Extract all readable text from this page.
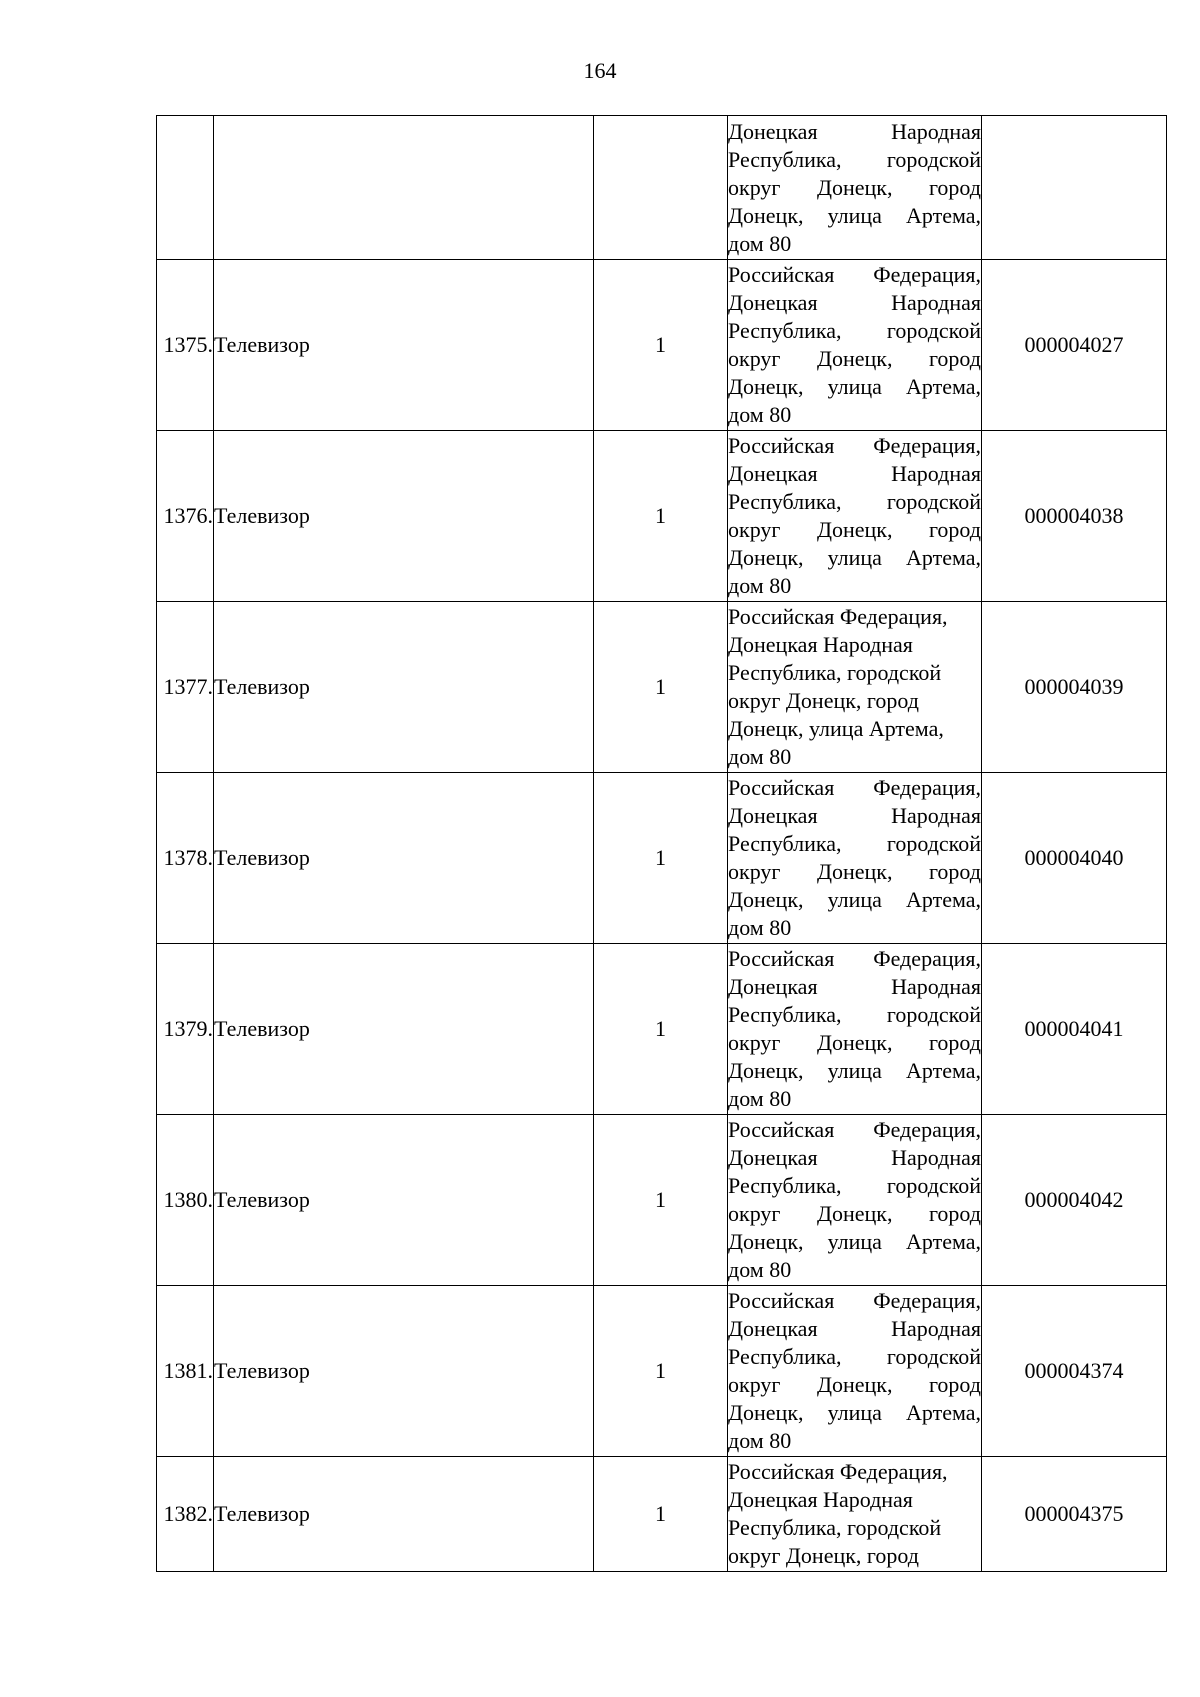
164

			Донецкая Народная Республика, городской округ Донецк, город Донецк, улица Артема, дом 80	

1375.	Телевизор	1	Российская Федерация, Донецкая Народная Республика, городской округ Донецк, город Донецк, улица Артема, дом 80	000004027
1376.	Телевизор	1	Российская Федерация, Донецкая Народная Республика, городской округ Донецк, город Донецк, улица Артема, дом 80	000004038
1377.	Телевизор	1	Российская Федерация, Донецкая Народная Республика, городской округ Донецк, город Донецк, улица Артема, дом 80	000004039
1378.	Телевизор	1	Российская Федерация, Донецкая Народная Республика, городской округ Донецк, город Донецк, улица Артема, дом 80	000004040
1379.	Телевизор	1	Российская Федерация, Донецкая Народная Республика, городской округ Донецк, город Донецк, улица Артема, дом 80	000004041
1380.	Телевизор	1	Российская Федерация, Донецкая Народная Республика, городской округ Донецк, город Донецк, улица Артема, дом 80	000004042
1381.	Телевизор	1	Российская Федерация, Донецкая Народная Республика, городской округ Донецк, город Донецк, улица Артема, дом 80	000004374
1382.	Телевизор	1	Российская Федерация, Донецкая Народная Республика, городской округ Донецк, город	000004375
